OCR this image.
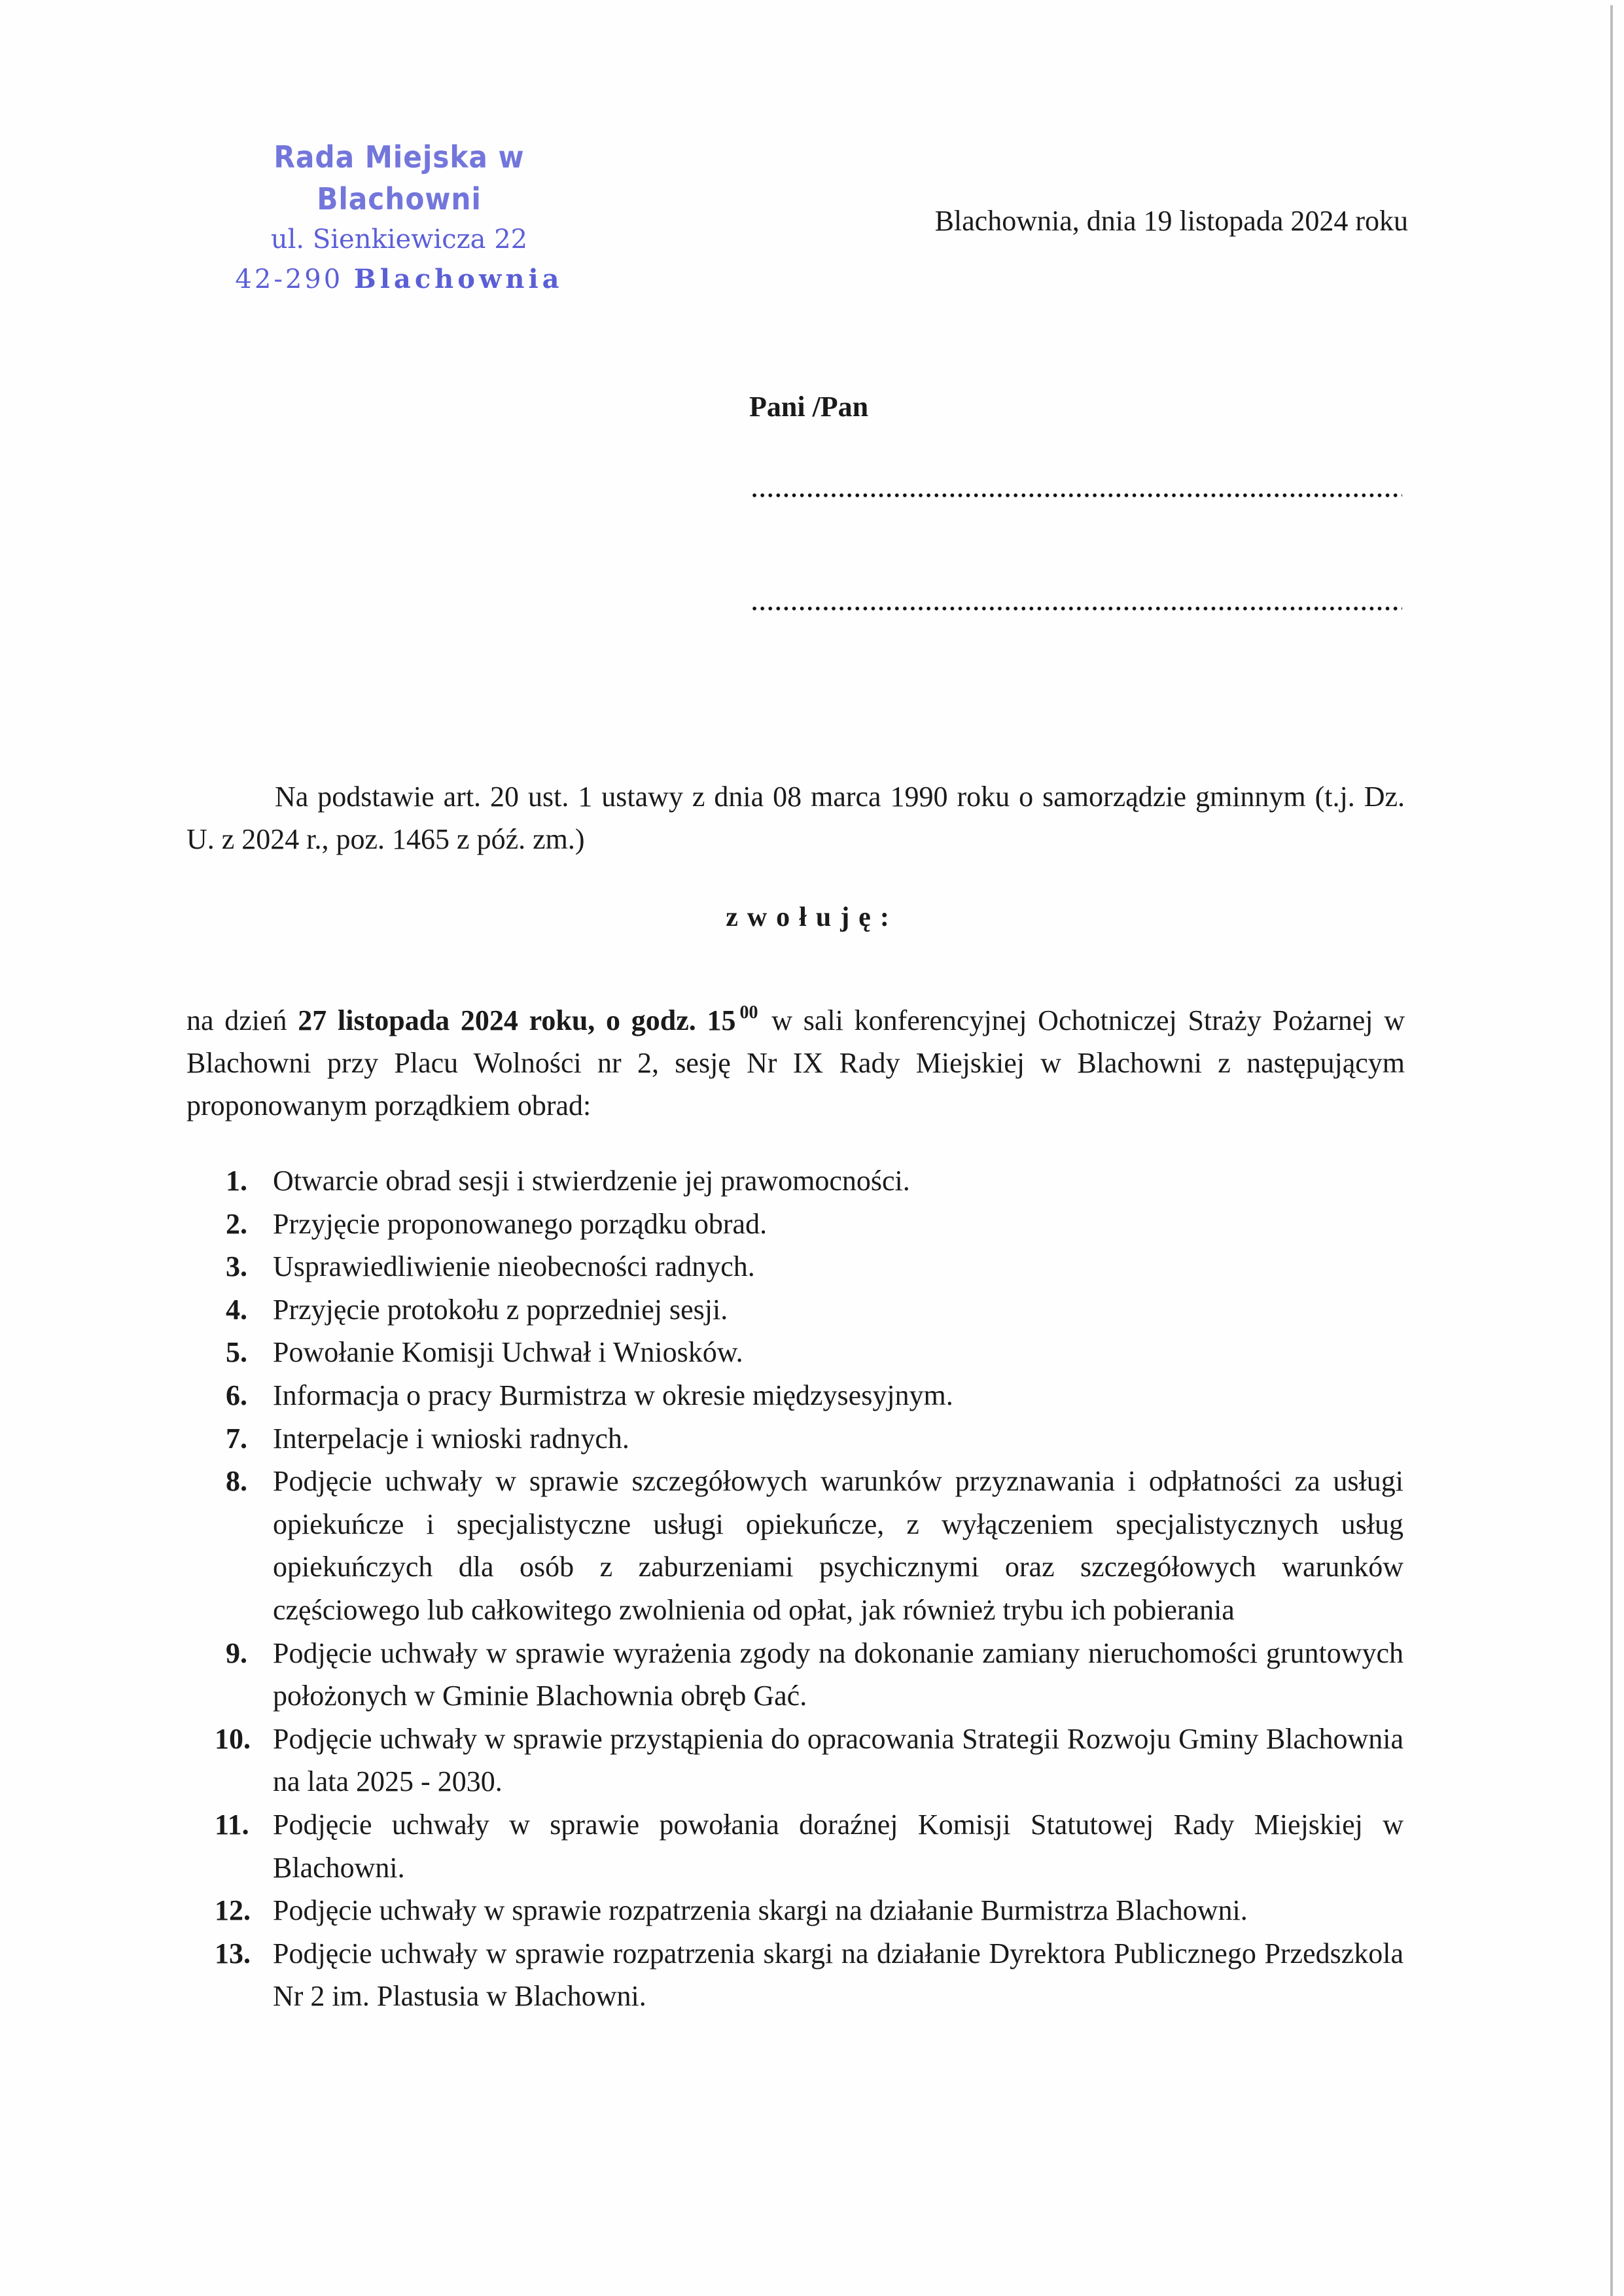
Rada Miejska w Blachowni
ul. Sienkiewicza 22
42-290 Blachownia
Blachownia, dnia 19 listopada 2024 roku
Pani /Pan
Na podstawie art. 20 ust. 1 ustawy z dnia 08 marca 1990 roku o samorządzie gminnym (t.j. Dz. U. z 2024 r., poz. 1465 z póź. zm.)
zwołuję:
na dzień 27 listopada 2024 roku, o godz. 15 $^{00}$ w sali konferencyjnej Ochotniczej Straży Pożarnej w Blachowni przy Placu Wolności nr 2, sesję Nr IX Rady Miejskiej w Blachowni z następującym proponowanym porządkiem obrad:
1. Otwarcie obrad sesji i stwierdzenie jej prawomocności.
2. Przyjęcie proponowanego porządku obrad.
3. Usprawiedliwienie nieobecności radnych.
4. Przyjęcie protokołu z poprzedniej sesji.
5. Powołanie Komisji Uchwał i Wniosków.
6. Informacja o pracy Burmistrza w okresie międzysesyjnym.
7. Interpelacje i wnioski radnych.
8. Podjęcie uchwały w sprawie szczegółowych warunków przyznawania i odpłatności za usługi opiekuńcze i specjalistyczne usługi opiekuńcze, z wyłączeniem specjalistycznych usług opiekuńczych dla osób z zaburzeniami psychicznymi oraz szczegółowych warunków częściowego lub całkowitego zwolnienia od opłat, jak również trybu ich pobierania
9. Podjęcie uchwały w sprawie wyrażenia zgody na dokonanie zamiany nieruchomości gruntowych położonych w Gminie Blachownia obręb Gać.
10. Podjęcie uchwały w sprawie przystąpienia do opracowania Strategii Rozwoju Gminy Blachownia na lata 2025 - 2030.
11. Podjęcie uchwały w sprawie powołania doraźnej Komisji Statutowej Rady Miejskiej w Blachowni.
12. Podjęcie uchwały w sprawie rozpatrzenia skargi na działanie Burmistrza Blachowni.
13. Podjęcie uchwały w sprawie rozpatrzenia skargi na działanie Dyrektora Publicznego Przedszkola Nr 2 im. Plastusia w Blachowni.
